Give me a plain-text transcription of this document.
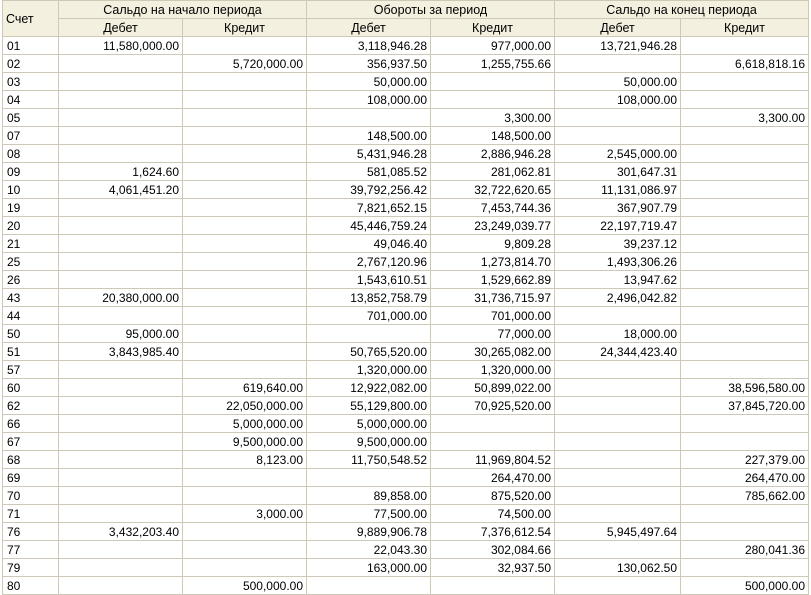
Счет	Сальдо на начало периода		Обороты за период		Сальдо на конец периода	
	Дебет	Кредит	Дебет	Кредит	Дебет	Кредит
01	11,580,000.00		3,118,946.28	977,000.00	13,721,946.28	
02		5,720,000.00	356,937.50	1,255,755.66		6,618,818.16
03			50,000.00		50,000.00	
04			108,000.00		108,000.00	
05				3,300.00		3,300.00
07			148,500.00	148,500.00		
08			5,431,946.28	2,886,946.28	2,545,000.00	
09	1,624.60		581,085.52	281,062.81	301,647.31	
10	4,061,451.20		39,792,256.42	32,722,620.65	11,131,086.97	
19			7,821,652.15	7,453,744.36	367,907.79	
20			45,446,759.24	23,249,039.77	22,197,719.47	
21			49,046.40	9,809.28	39,237.12	
25			2,767,120.96	1,273,814.70	1,493,306.26	
26			1,543,610.51	1,529,662.89	13,947.62	
43	20,380,000.00		13,852,758.79	31,736,715.97	2,496,042.82	
44			701,000.00	701,000.00		
50	95,000.00			77,000.00	18,000.00	
51	3,843,985.40		50,765,520.00	30,265,082.00	24,344,423.40	
57			1,320,000.00	1,320,000.00		
60		619,640.00	12,922,082.00	50,899,022.00		38,596,580.00
62		22,050,000.00	55,129,800.00	70,925,520.00		37,845,720.00
66		5,000,000.00	5,000,000.00			
67		9,500,000.00	9,500,000.00			
68		8,123.00	11,750,548.52	11,969,804.52		227,379.00
69				264,470.00		264,470.00
70			89,858.00	875,520.00		785,662.00
71		3,000.00	77,500.00	74,500.00		
76	3,432,203.40		9,889,906.78	7,376,612.54	5,945,497.64	
77			22,043.30	302,084.66		280,041.36
79			163,000.00	32,937.50	130,062.50	
80		500,000.00				500,000.00
